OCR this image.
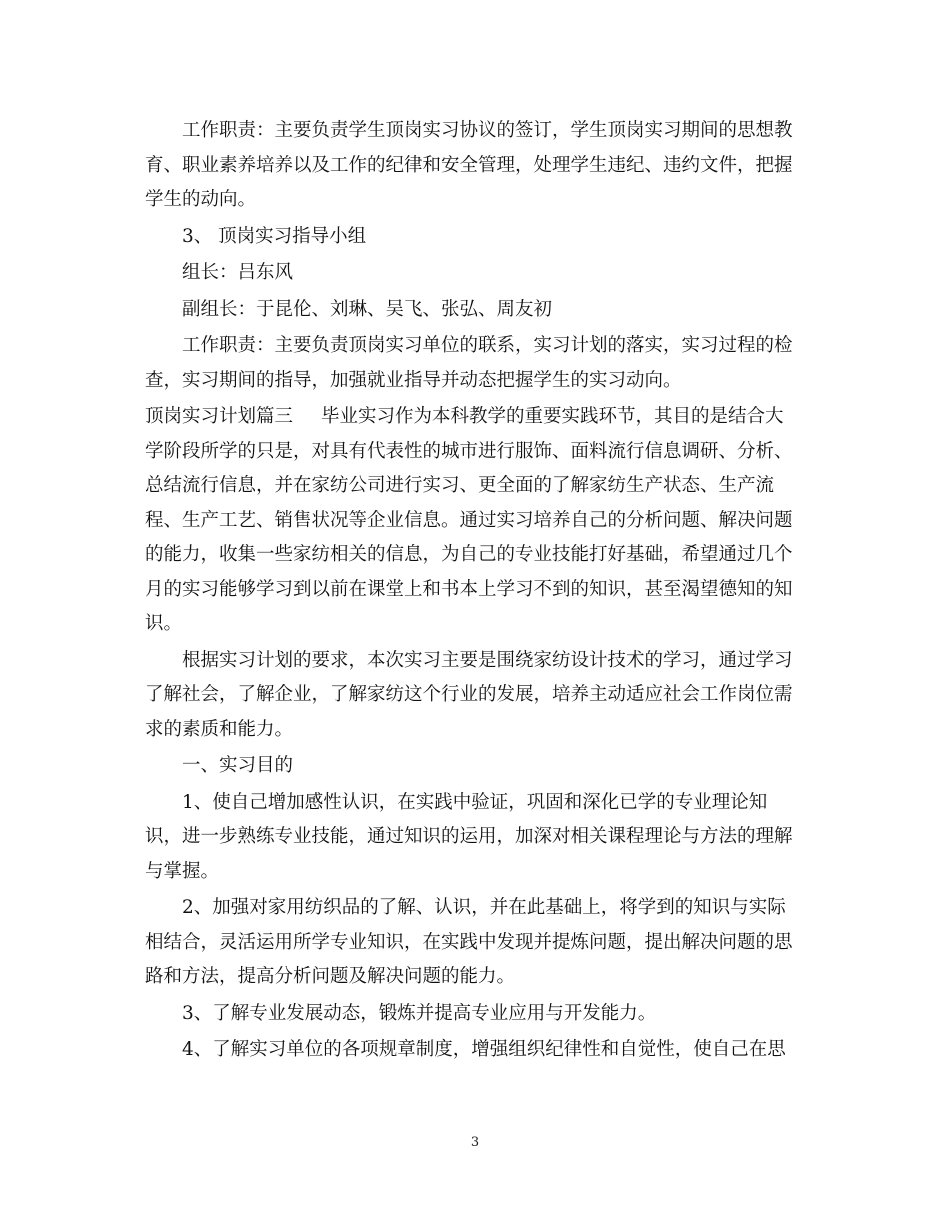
工作职责：主要负责学生顶岗实习协议的签订，学生顶岗实习期间的思想教
育、职业素养培养以及工作的纪律和安全管理，处理学生违纪、违约文件，把握
学生的动向。

3、 顶岗实习指导小组

组长：吕东风

副组长：于昆伦、刘琳、吴飞、张弘、周友初

工作职责：主要负责顶岗实习单位的联系，实习计划的落实，实习过程的检
查，实习期间的指导，加强就业指导并动态把握学生的实习动向。

顶岗实习计划篇三 毕业实习作为本科教学的重要实践环节，其目的是结合大
学阶段所学的只是，对具有代表性的城市进行服饰、面料流行信息调研、分析、
总结流行信息，并在家纺公司进行实习、更全面的了解家纺生产状态、生产流
程、生产工艺、销售状况等企业信息。通过实习培养自己的分析问题、解决问题
的能力，收集一些家纺相关的信息，为自己的专业技能打好基础，希望通过几个
月的实习能够学习到以前在课堂上和书本上学习不到的知识，甚至渴望德知的知
识。

根据实习计划的要求，本次实习主要是围绕家纺设计技术的学习，通过学习
了解社会，了解企业，了解家纺这个行业的发展，培养主动适应社会工作岗位需
求的素质和能力。

一、实习目的

1、使自己增加感性认识，在实践中验证，巩固和深化已学的专业理论知
识，进一步熟练专业技能，通过知识的运用，加深对相关课程理论与方法的理解
与掌握。

2、加强对家用纺织品的了解、认识，并在此基础上，将学到的知识与实际
相结合，灵活运用所学专业知识，在实践中发现并提炼问题，提出解决问题的思
路和方法，提高分析问题及解决问题的能力。

3、了解专业发展动态，锻炼并提高专业应用与开发能力。

4、了解实习单位的各项规章制度，增强组织纪律性和自觉性，使自己在思

3
